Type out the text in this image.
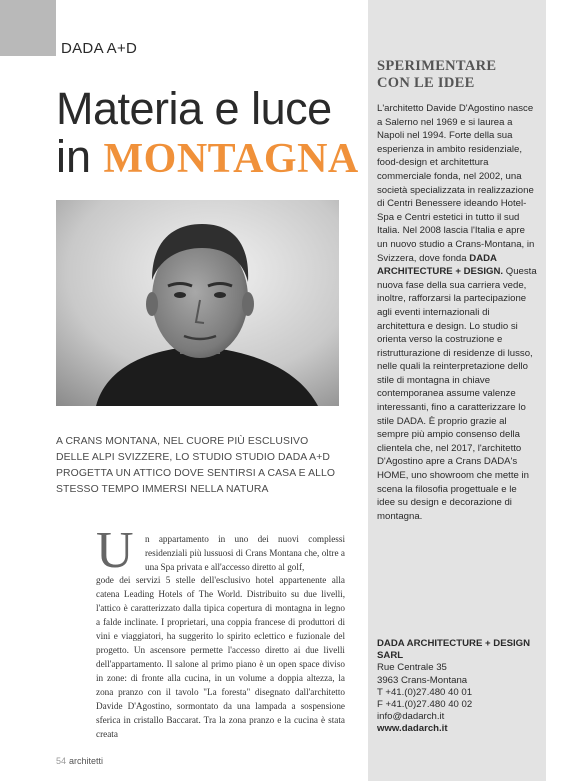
DADA A+D
Materia e luce
in MONTAGNA
A CRANS MONTANA, NEL CUORE PIÙ ESCLUSIVO DELLE ALPI SVIZZERE, LO STUDIO STUDIO DADA A+D PROGETTA UN ATTICO DOVE SENTIRSI A CASA E ALLO STESSO TEMPO IMMERSI NELLA NATURA
U n appartamento in uno dei nuovi complessi residenziali più lussuosi di Crans Montana che, oltre a una Spa privata e all'accesso diretto al golf,
gode dei servizi 5 stelle dell'esclusivo hotel appartenente alla catena Leading Hotels of The World. Distribuito su due livelli, l'attico è caratterizzato dalla tipica copertura di montagna in legno a falde inclinate. I proprietari, una coppia francese di produttori di vini e viaggiatori, ha suggerito lo spirito eclettico e fuzionale del progetto. Un ascensore permette l'accesso diretto ai due livelli dell'appartamento. Il salone al primo piano è un open space diviso in zone: di fronte alla cucina, in un volume a doppia altezza, la zona pranzo con il tavolo "La foresta" disegnato dall'architetto Davide D'Agostino, sormontato da una lampada a sospensione sferica in cristallo Baccarat. Tra la zona pranzo e la cucina è stata creata
SPERIMENTARE
CON LE IDEE
L'architetto Davide D'Agostino nasce a Salerno nel 1969 e si laurea a Napoli nel 1994. Forte della sua esperienza in ambito residenziale, food-design et architettura commerciale fonda, nel 2002, una società specializzata in realizzazione di Centri Benessere ideando Hotel-Spa e Centri estetici in tutto il sud Italia. Nel 2008 lascia l'Italia e apre un nuovo studio a Crans-Montana, in Svizzera, dove fonda DADA ARCHITECTURE + DESIGN. Questa nuova fase della sua carriera vede, inoltre, rafforzarsi la partecipazione agli eventi internazionali di architettura e design. Lo studio si orienta verso la costruzione e ristrutturazione di residenze di lusso, nelle quali la reinterpretazione dello stile di montagna in chiave contemporanea assume valenze interessanti, fino a caratterizzare lo stile DADA. È proprio grazie al sempre più ampio consenso della clientela che, nel 2017, l'architetto D'Agostino apre a Crans DADA's HOME, uno showroom che mette in scena la filosofia progettuale e le idee su design e decorazione di montagna.
DADA ARCHITECTURE + DESIGN SARL
Rue Centrale 35
3963 Crans-Montana
T +41.(0)27.480 40 01
F +41.(0)27.480 40 02
info@dadarch.it
www.dadarch.it
54 architetti
